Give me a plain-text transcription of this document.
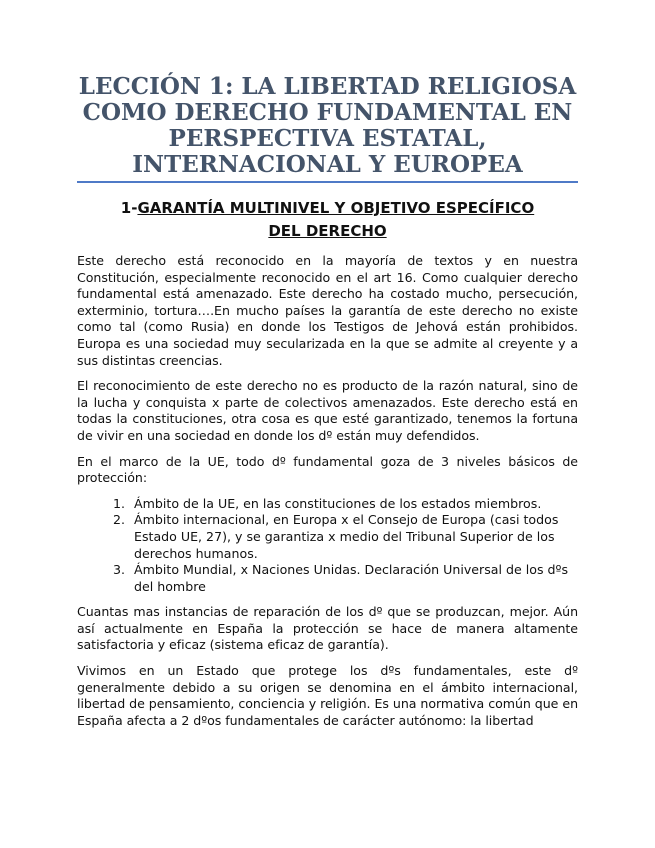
LECCIÓN 1: LA LIBERTAD RELIGIOSA
COMO DERECHO FUNDAMENTAL EN
PERSPECTIVA ESTATAL,
INTERNACIONAL Y EUROPEA
1-GARANTÍA MULTINIVEL Y OBJETIVO ESPECÍFICO
DEL DERECHO

Este derecho está reconocido en la mayoría de textos y en nuestra Constitución, especialmente reconocido en el art 16. Como cualquier derecho fundamental está amenazado. Este derecho ha costado mucho, persecución, exterminio, tortura….En mucho países la garantía de este derecho no existe como tal (como Rusia) en donde los Testigos de Jehová están prohibidos. Europa es una sociedad muy secularizada en la que se admite al creyente y a sus distintas creencias.

El reconocimiento de este derecho no es producto de la razón natural, sino de la lucha y conquista x parte de colectivos amenazados. Este derecho está en todas la constituciones, otra cosa es que esté garantizado, tenemos la fortuna de vivir en una sociedad en donde los dº están muy defendidos.

En el marco de la UE, todo dº fundamental goza de 3 niveles básicos de protección:

1. Ámbito de la UE, en las constituciones de los estados miembros.
2. Ámbito internacional, en Europa x el Consejo de Europa (casi todos Estado UE, 27), y se garantiza x medio del Tribunal Superior de los derechos humanos.
3. Ámbito Mundial, x Naciones Unidas. Declaración Universal de los dºs del hombre

Cuantas mas instancias de reparación de los dº que se produzcan, mejor. Aún así actualmente en España la protección se hace de manera altamente satisfactoria y eficaz (sistema eficaz de garantía).

Vivimos en un Estado que protege los dºs fundamentales, este dº generalmente debido a su origen se denomina en el ámbito internacional, libertad de pensamiento, conciencia y religión. Es una normativa común que en España afecta a 2 dºos fundamentales de carácter autónomo: la libertad
